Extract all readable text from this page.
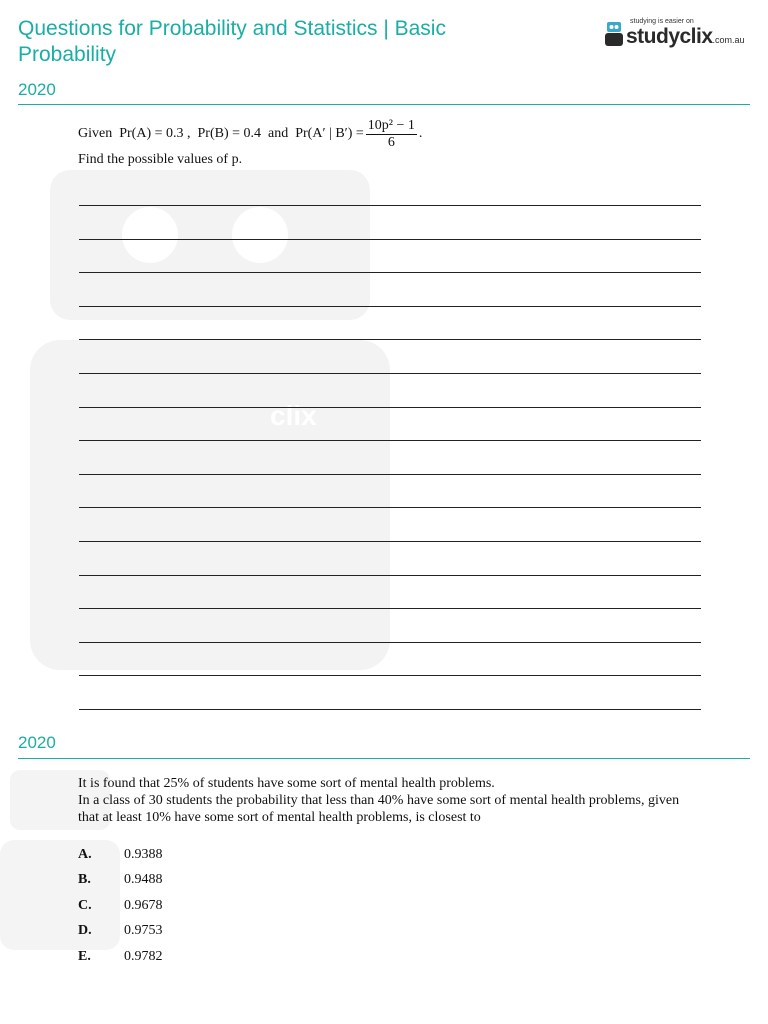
Questions for Probability and Statistics | Basic Probability
studying is easier on
studyclix.com.au
2020
Given
Pr(A) = 0.3 , Pr(B) = 0.4
and
Pr(A′ | $B') = \frac{\text{10p² − 1}}{6}$ .
Find the possible values of p.
2020
It is found that 25% of students have some sort of mental health problems.
In a class of 30 students the probability that less than 40% have some sort of mental health problems, given that at least 10% have some sort of mental health problems, is closest to
A.	0.9388
B.	0.9488
C.	0.9678
D.	0.9753
E.	0.9782
